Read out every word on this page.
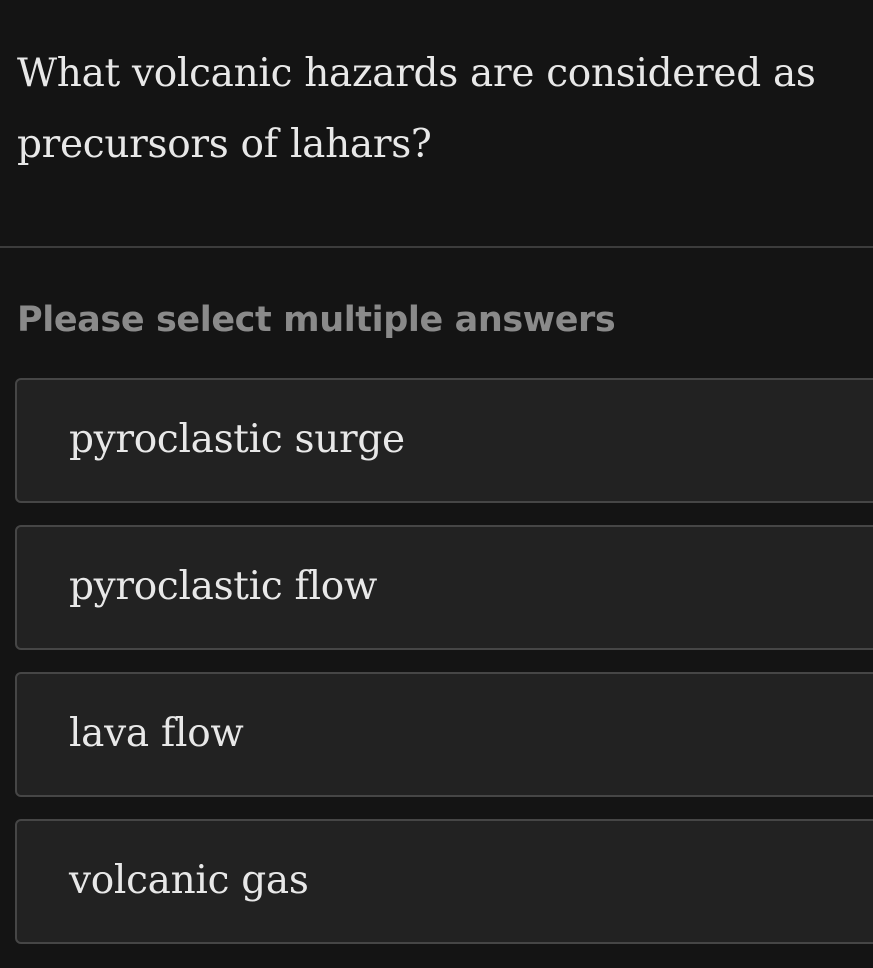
What volcanic hazards are considered as precursors of lahars?

Please select multiple answers

pyroclastic surge
pyroclastic flow
lava flow
volcanic gas
